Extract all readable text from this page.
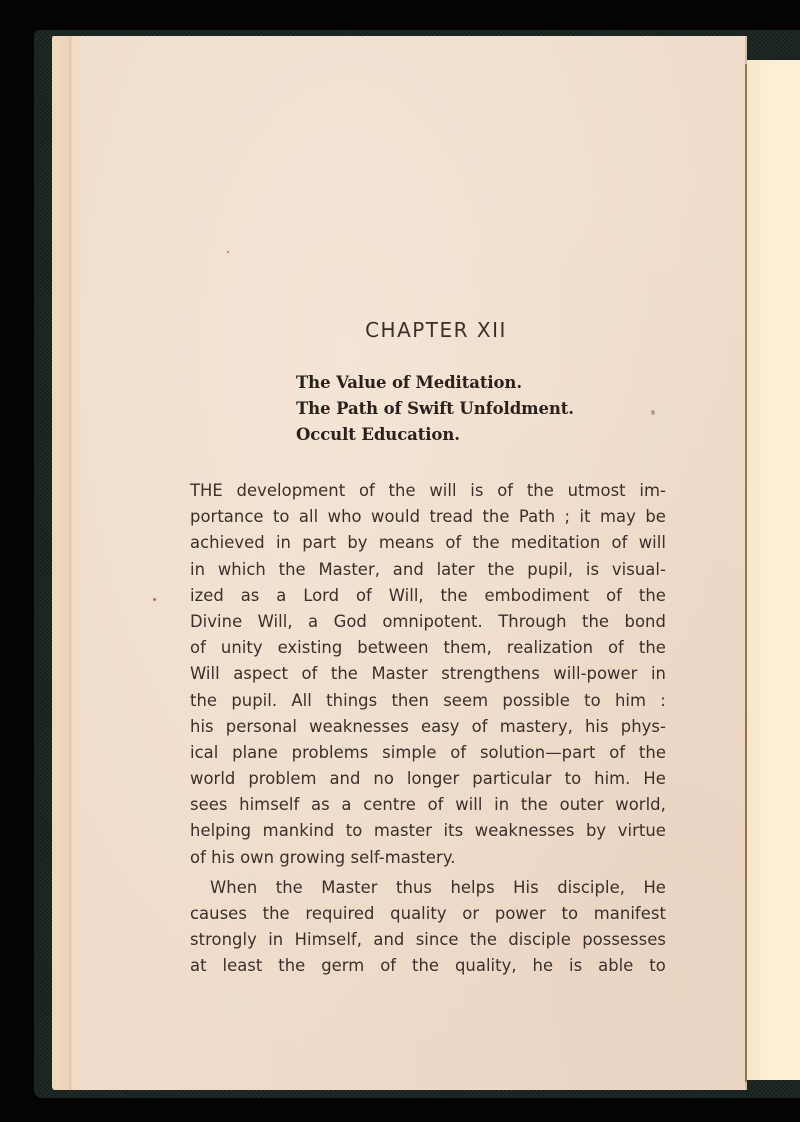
CHAPTER XII
The Value of Meditation.
The Path of Swift Unfoldment.
Occult Education.
THE development of the will is of the utmost im-
portance to all who would tread the Path ; it may be
achieved in part by means of the meditation of will
in which the Master, and later the pupil, is visual-
ized as a Lord of Will, the embodiment of the
Divine Will, a God omnipotent. Through the bond
of unity existing between them, realization of the
Will aspect of the Master strengthens will-power in
the pupil. All things then seem possible to him :
his personal weaknesses easy of mastery, his phys-
ical plane problems simple of solution—part of the
world problem and no longer particular to him. He
sees himself as a centre of will in the outer world,
helping mankind to master its weaknesses by virtue
of his own growing self-mastery.
When the Master thus helps His disciple, He
causes the required quality or power to manifest
strongly in Himself, and since the disciple possesses
at least the germ of the quality, he is able to
